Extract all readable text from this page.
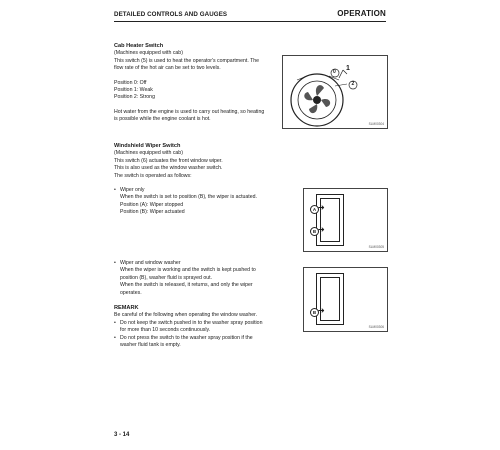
DETAILED CONTROLS AND GAUGES	OPERATION

Cab Heater Switch

(Machines equipped with cab)

This switch (5) is used to heat the operator's compartment. The

flow rate of the hot air can be set to two levels.

Position 0: Off

Position 1: Weak

Position 2: Strong

Hot water from the engine is used to carry out heating, so heating

is possible while the engine coolant is hot.

0 1
2
SLM00304

Windshield Wiper Switch

(Machines equipped with cab)

This switch (6) actuates the front window wiper.

This is also used as the window washer switch.

The switch is operated as follows:

• Wiper only

When the switch is set to position (B), the wiper is actuated.

Position (A): Wiper stopped

Position (B): Wiper actuated	A ➜
B ➜
SLM00305

• Wiper and window washer

When the wiper is working and the switch is kept pushed to

position (B), washer fluid is sprayed out.

When the switch is released, it returns, and only the wiper

operates.

B ➜
SLM00306

REMARK

Be careful of the following when operating the window washer.

• Do not keep the switch pushed in to the washer spray position

for more than 10 seconds continuously.

• Do not press the switch to the washer spray position if the

washer fluid tank is empty.

3 - 14
